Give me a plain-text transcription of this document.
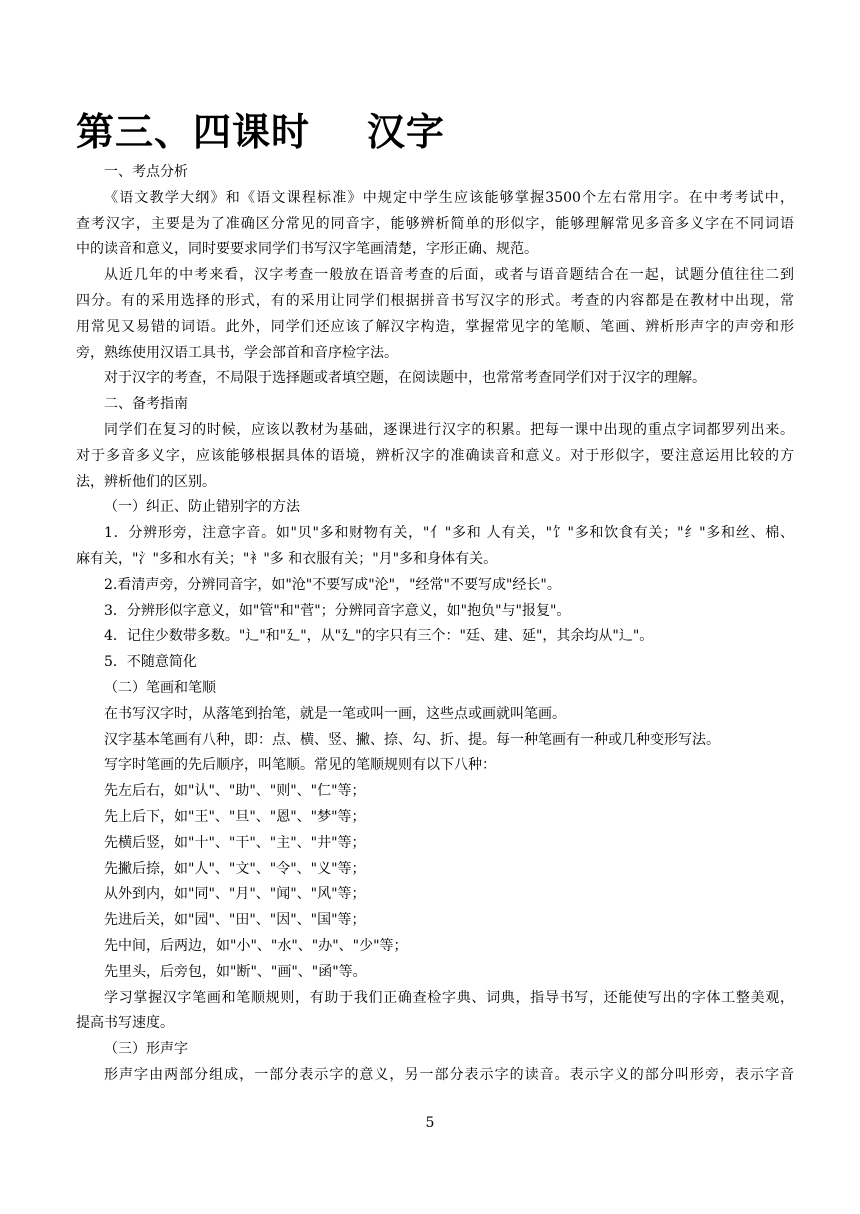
第三、四课时    汉字
一、考点分析
《语文教学大纲》和《语文课程标准》中规定中学生应该能够掌握3500个左右常用字。在中考考试中，
查考汉字，主要是为了准确区分常见的同音字，能够辨析简单的形似字，能够理解常见多音多义字在不同词语
中的读音和意义，同时要要求同学们书写汉字笔画清楚，字形正确、规范。
从近几年的中考来看，汉字考查一般放在语音考查的后面，或者与语音题结合在一起，试题分值往往二到
四分。有的采用选择的形式，有的采用让同学们根据拼音书写汉字的形式。考查的内容都是在教材中出现，常
用常见又易错的词语。此外，同学们还应该了解汉字构造，掌握常见字的笔顺、笔画、辨析形声字的声旁和形
旁，熟练使用汉语工具书，学会部首和音序检字法。
对于汉字的考查，不局限于选择题或者填空题，在阅读题中，也常常考查同学们对于汉字的理解。
二、备考指南
同学们在复习的时候，应该以教材为基础，逐课进行汉字的积累。把每一课中出现的重点字词都罗列出来。
对于多音多义字，应该能够根据具体的语境，辨析汉字的准确读音和意义。对于形似字，要注意运用比较的方
法，辨析他们的区别。
（一）纠正、防止错别字的方法
1．分辨形旁，注意字音。如"贝"多和财物有关，"亻"多和 人有关，"饣"多和饮食有关；"纟"多和丝、棉、
麻有关，"氵"多和水有关；"衤"多 和衣服有关；"月"多和身体有关。
2.看清声旁，分辨同音字，如"沧"不要写成"沦"，"经常"不要写成"经长"。
3．分辨形似字意义，如"管"和"菅"；分辨同音字意义，如"抱负"与"报复"。
4．记住少数带多数。"辶"和"廴"，从"廴"的字只有三个："廷、建、延"，其余均从"辶"。
5．不随意简化
（二）笔画和笔顺
在书写汉字时，从落笔到抬笔，就是一笔或叫一画，这些点或画就叫笔画。
汉字基本笔画有八种，即：点、横、竖、撇、捺、勾、折、提。每一种笔画有一种或几种变形写法。
写字时笔画的先后顺序，叫笔顺。常见的笔顺规则有以下八种：
先左后右，如"认"、"助"、"则"、"仁"等；
先上后下，如"王"、"旦"、"恩"、"梦"等；
先横后竖，如"十"、"干"、"主"、"井"等；
先撇后捺，如"人"、"文"、"令"、"义"等；
从外到内，如"同"、"月"、"闻"、"风"等；
先进后关，如"园"、"田"、"因"、"国"等；
先中间，后两边，如"小"、"水"、"办"、"少"等；
先里头，后旁包，如"断"、"画"、"函"等。
学习掌握汉字笔画和笔顺规则，有助于我们正确查检字典、词典，指导书写，还能使写出的字体工整美观，
提高书写速度。
（三）形声字
形声字由两部分组成，一部分表示字的意义，另一部分表示字的读音。表示字义的部分叫形旁，表示字音
5
